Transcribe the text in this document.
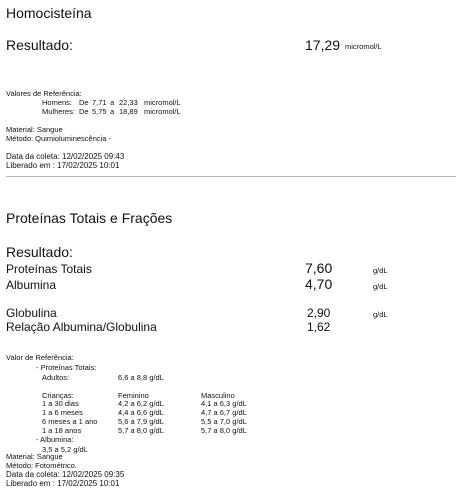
Homocisteína
Resultado:	17,29 micromol/L
Valores de Referência:
Homens: De 7,71 a 22,33 micromol/L
Mulheres: De 5,75 a 18,89 micromol/L
Material: Sangue
Método: Quimioluminescência -
Data da coleta: 12/02/2025 09:43
Liberado em : 17/02/2025 10:01
Proteínas Totais e Frações
Resultado:
Proteínas Totais	7,60	g/dL
Albumina	4,70	g/dL
Globulina	2,90	g/dL
Relação Albumina/Globulina	1,62
Valor de Referência:
- Proteínas Totais:
Adultos:	6,6 a 8,8 g/dL
Crianças:	Feminino	Masculino
1 a 30 dias	4,2 a 6,2 g/dL	4,1 a 6,3 g/dL
1 a 6 meses	4,4 a 6,6 g/dL	4,7 a 6,7 g/dL
6 meses a 1 ano	5,6 a 7,9 g/dL	5,5 a 7,0 g/dL
1 a 18 anos	5,7 a 8,0 g/dL	5,7 a 8,0 g/dL
- Albumina:
3,5 a 5,2 g/dL
Material: Sangue
Método: Fotométrico.
Data da coleta: 12/02/2025 09:35
Liberado em : 17/02/2025 10:01
